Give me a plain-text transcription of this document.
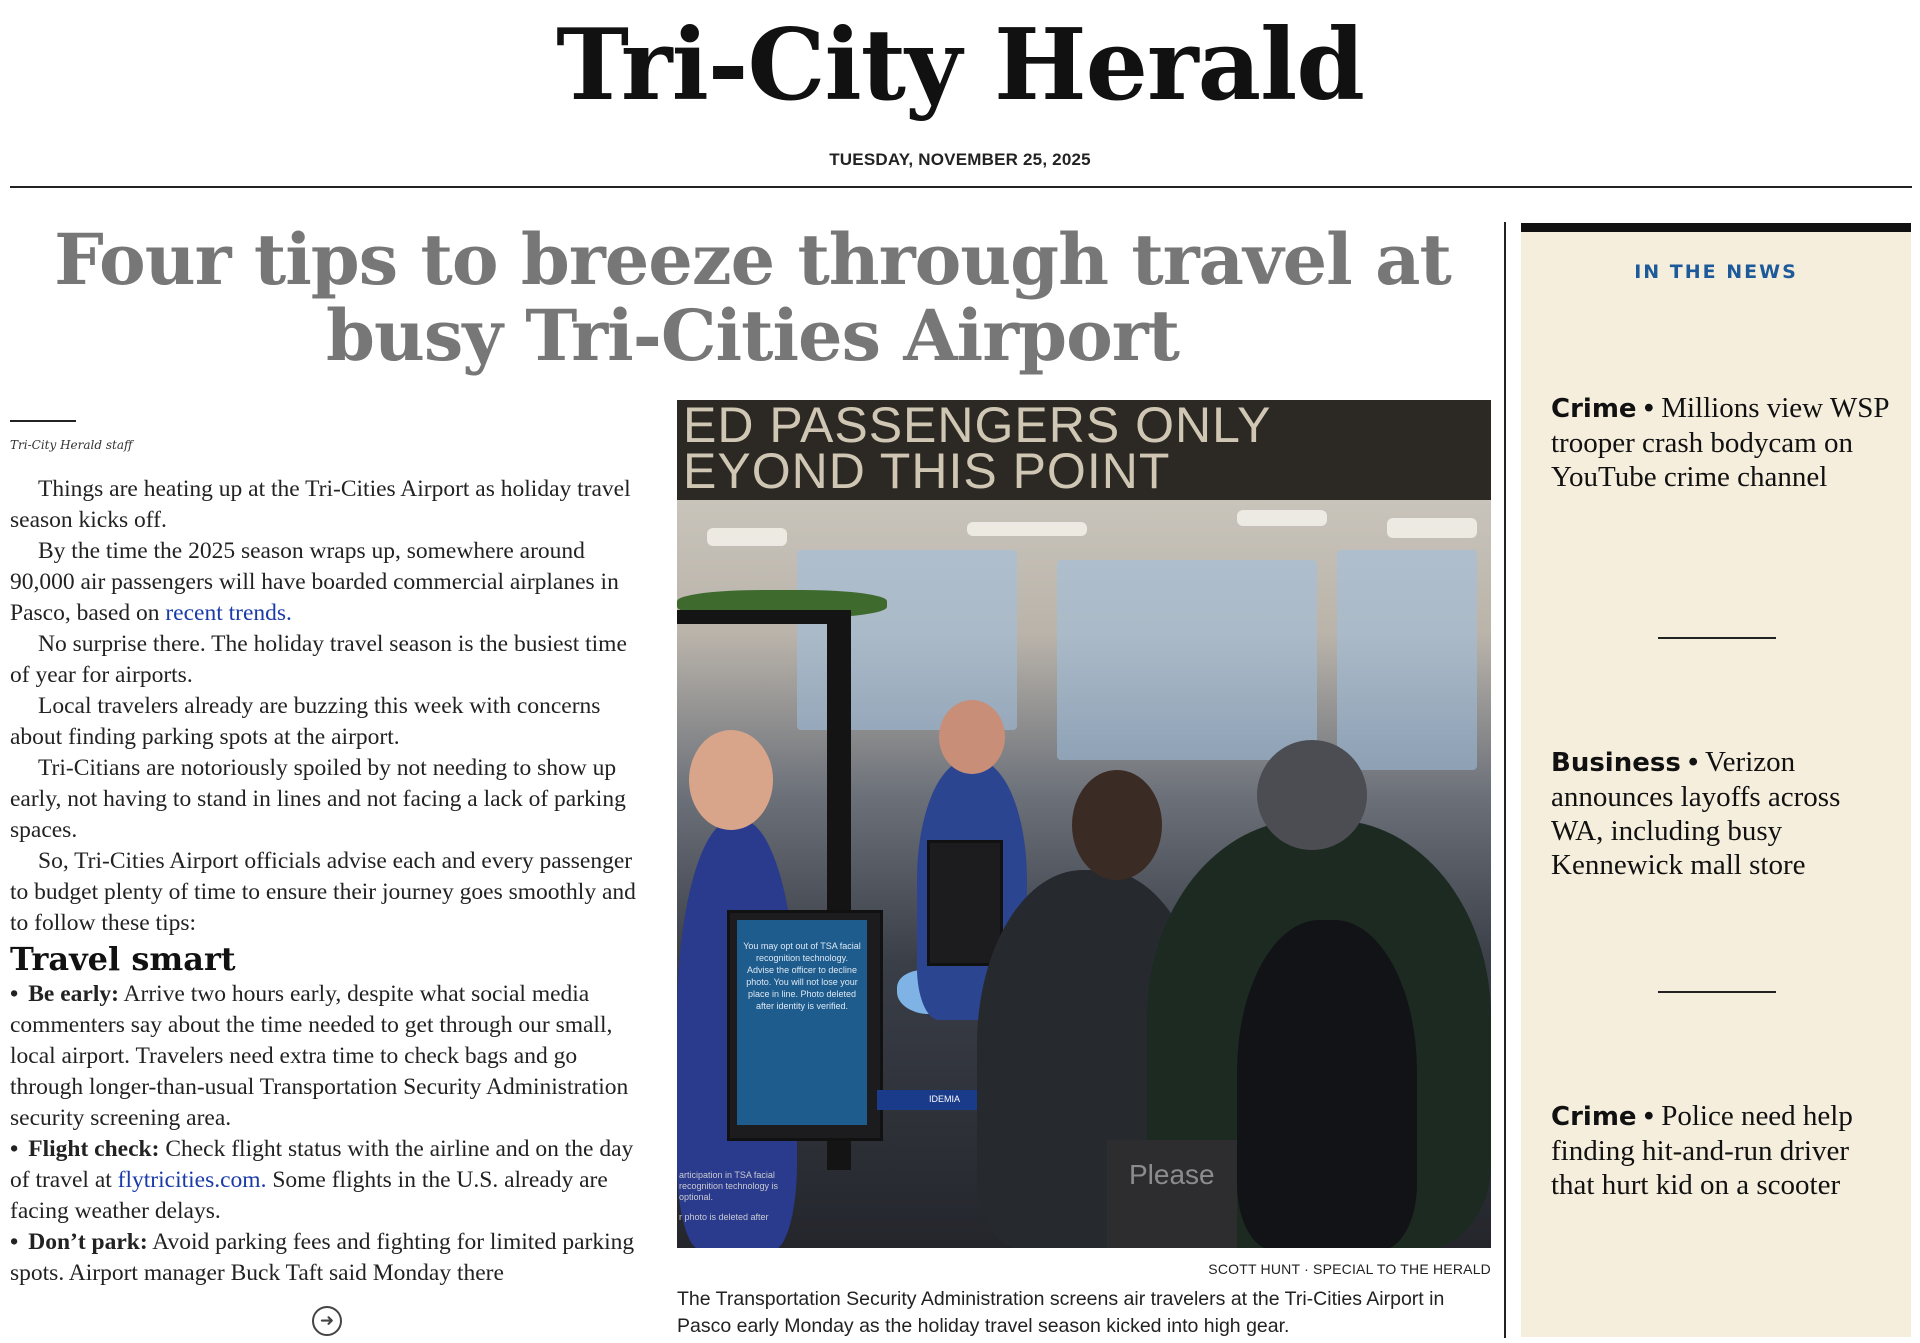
Tri-City Herald
TUESDAY, NOVEMBER 25, 2025
Four tips to breeze through travel at busy Tri-Cities Airport
Tri-City Herald staff

Things are heating up at the Tri-Cities Airport as holiday travel season kicks off.

By the time the 2025 season wraps up, somewhere around 90,000 air passengers will have boarded commercial airplanes in Pasco, based on recent trends.

No surprise there. The holiday travel season is the busiest time of year for airports.

Local travelers already are buzzing this week with concerns about finding parking spots at the airport.

Tri-Citians are notoriously spoiled by not needing to show up early, not having to stand in lines and not facing a lack of parking spaces.

So, Tri-Cities Airport officials advise each and every passenger to budget plenty of time to ensure their journey goes smoothly and to follow these tips:

Travel smart

• Be early: Arrive two hours early, despite what social media commenters say about the time needed to get through our small, local airport. Travelers need extra time to check bags and go through longer-than-usual Transportation Security Administration security screening area.

• Flight check: Check flight status with the airline and on the day of travel at flytricities.com. Some flights in the U.S. already are facing weather delays.

• Don’t park: Avoid parking fees and fighting for limited parking spots. Airport manager Buck Taft said Monday there

➜
ED PASSENGERS ONLY
EYOND THIS POINT
You may opt out of TSA facial recognition technology. Advise the officer to decline photo. You will not lose your place in line. Photo deleted after identity is verified.
articipation in TSA facial recognition technology is optional.
r photo is deleted after
IDEMIA
Please
SCOTT HUNT · SPECIAL TO THE HERALD
The Transportation Security Administration screens air travelers at the Tri-Cities Airport in Pasco early Monday as the holiday travel season kicked into high gear.
IN THE NEWS
Crime • Millions view WSP trooper crash bodycam on YouTube crime channel
Business • Verizon announces layoffs across WA, including busy Kennewick mall store
Crime • Police need help finding hit-and-run driver that hurt kid on a scooter
